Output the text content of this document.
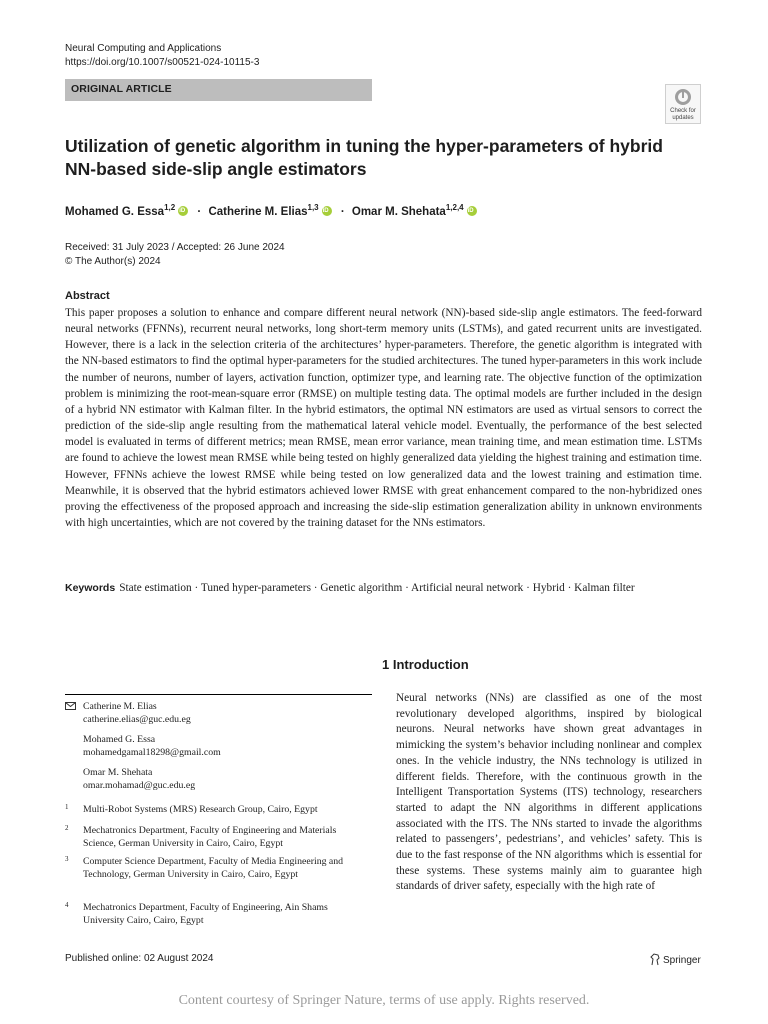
Neural Computing and Applications
https://doi.org/10.1007/s00521-024-10115-3
ORIGINAL ARTICLE
Check for
updates
Utilization of genetic algorithm in tuning the hyper-parameters of hybrid NN-based side-slip angle estimators
Mohamed G. Essa$^{1,2}$ iD · Catherine M. Elias$^{1,3}$ iD · Omar M. Shehata$^{1,2,4}$iD
Received: 31 July 2023 / Accepted: 26 June 2024
© The Author(s) 2024
Abstract
This paper proposes a solution to enhance and compare different neural network (NN)-based side-slip angle estimators. The feed-forward neural networks (FFNNs), recurrent neural networks, long short-term memory units (LSTMs), and gated recurrent units are investigated. However, there is a lack in the selection criteria of the architectures’ hyper-parameters. Therefore, the genetic algorithm is integrated with the NN-based estimators to find the optimal hyper-parameters for the studied architectures. The tuned hyper-parameters in this work include the number of neurons, number of layers, activation function, optimizer type, and learning rate. The objective function of the optimization problem is minimizing the root-mean-square error (RMSE) on multiple testing data. The optimal models are further included in the design of a hybrid NN estimator with Kalman filter. In the hybrid estimators, the optimal NN estimators are used as virtual sensors to correct the prediction of the side-slip angle resulting from the mathematical lateral vehicle model. Eventually, the performance of the best selected model is evaluated in terms of different metrics; mean RMSE, mean error variance, mean training time, and mean estimation time. LSTMs are found to achieve the lowest mean RMSE while being tested on highly generalized data yielding the highest training and estimation time. However, FFNNs achieve the lowest RMSE while being tested on low generalized data and the lowest training and estimation time. Meanwhile, it is observed that the hybrid estimators achieved lower RMSE with great enhancement compared to the non-hybridized ones proving the effectiveness of the proposed approach and increasing the side-slip estimation generalization ability in unknown environments with high uncertainties, which are not covered by the training dataset for the NNs estimators.
Keywords State estimation · Tuned hyper-parameters · Genetic algorithm · Artificial neural network · Hybrid · Kalman filter
Catherine M. Elias
catherine.elias@guc.edu.eg
Mohamed G. Essa
mohamedgamal18298@gmail.com
Omar M. Shehata
omar.mohamad@guc.edu.eg
1 Multi-Robot Systems (MRS) Research Group, Cairo, Egypt
2 Mechatronics Department, Faculty of Engineering and Materials Science, German University in Cairo, Cairo, Egypt
3 Computer Science Department, Faculty of Media Engineering and Technology, German University in Cairo, Cairo, Egypt
4 Mechatronics Department, Faculty of Engineering, Ain Shams University Cairo, Cairo, Egypt
1 Introduction
Neural networks (NNs) are classified as one of the most revolutionary developed algorithms, inspired by biological neurons. Neural networks have shown great advantages in mimicking the system’s behavior including nonlinear and complex ones. In the vehicle industry, the NNs technology is utilized in different fields. Therefore, with the continuous growth in the Intelligent Transportation Systems (ITS) technology, researchers started to adapt the NN algorithms in different applications associated with the ITS. The NNs started to invade the algorithms related to passengers’, pedestrians’, and vehicles’ safety. This is due to the fast response of the NN algorithms which is essential for these systems. These systems mainly aim to guarantee high standards of driver safety, especially with the high rate of
Published online: 02 August 2024	Springer
Content courtesy of Springer Nature, terms of use apply. Rights reserved.
